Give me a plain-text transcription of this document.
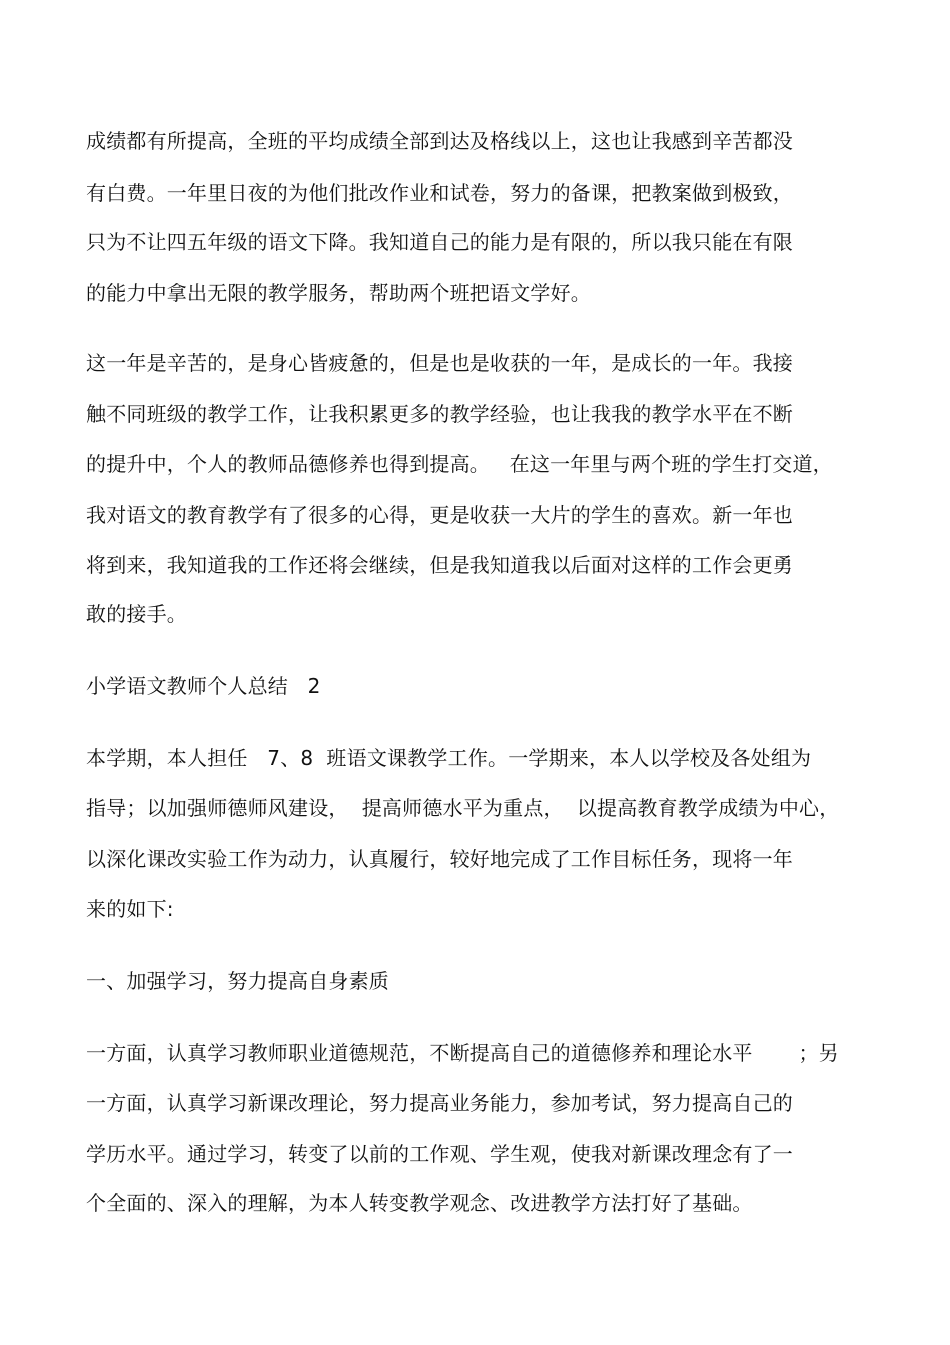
成绩都有所提高，全班的平均成绩全部到达及格线以上，这也让我感到辛苦都没
有白费。一年里日夜的为他们批改作业和试卷，努力的备课，把教案做到极致，
只为不让四五年级的语文下降。我知道自己的能力是有限的，所以我只能在有限
的能力中拿出无限的教学服务，帮助两个班把语文学好。
这一年是辛苦的，是身心皆疲惫的，但是也是收获的一年，是成长的一年。我接
触不同班级的教学工作，让我积累更多的教学经验，也让我我的教学水平在不断
的提升中，个人的教师品德修养也得到提高。   在这一年里与两个班的学生打交道，
我对语文的教育教学有了很多的心得，更是收获一大片的学生的喜欢。新一年也
将到来，我知道我的工作还将会继续，但是我知道我以后面对这样的工作会更勇
敢的接手。
小学语文教师个人总结   2
本学期，本人担任   7、8  班语文课教学工作。一学期来，本人以学校及各处组为
指导；以加强师德师风建设，  提高师德水平为重点，  以提高教育教学成绩为中心，
以深化课改实验工作为动力，认真履行，较好地完成了工作目标任务，现将一年
来的如下:
一、加强学习，努力提高自身素质
一方面，认真学习教师职业道德规范，不断提高自己的道德修养和理论水平       ；另
一方面，认真学习新课改理论，努力提高业务能力，参加考试，努力提高自己的
学历水平。通过学习，转变了以前的工作观、学生观，使我对新课改理念有了一
个全面的、深入的理解，为本人转变教学观念、改进教学方法打好了基础。
